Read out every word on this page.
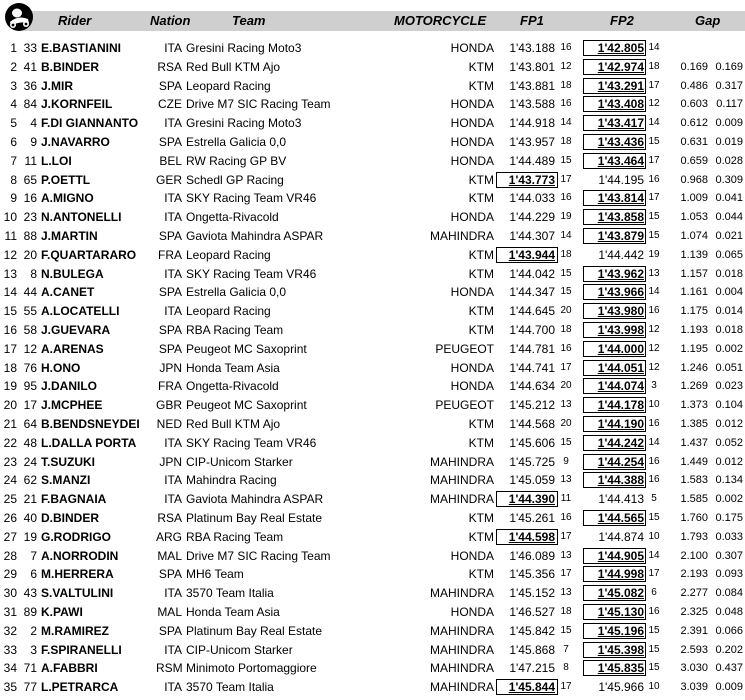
Rider	Nation	Team	MOTORCYCLE	FP1	FP2	Gap
1 33 E.BASTIANINI	ITA Gresini Racing Moto3	HONDA	1'43.188 16	1'42.805 14
2 41 B.BINDER	RSA Red Bull KTM Ajo	KTM	1'43.801 12	1'42.974 18	0.169 0.169
3 36 J.MIR	SPA Leopard Racing	KTM	1'43.881 18	1'43.291 17	0.486 0.317
4 84 J.KORNFEIL	CZE Drive M7 SIC Racing Team	HONDA	1'43.588 16	1'43.408 12	0.603 0.117
5	4 F.DI GIANNANTO	ITA Gresini Racing Moto3	HONDA	1'44.918 14	1'43.417 14	0.612 0.009
6	9 J.NAVARRO	SPA Estrella Galicia 0,0	HONDA	1'43.957 18	1'43.436 15	0.631 0.019
7 11 L.LOI	BEL RW Racing GP BV	HONDA	1'44.489 15	1'43.464 17	0.659 0.028
8 65 P.OETTL	GER Schedl GP Racing	KTM	1'43.773 17	1'44.195 16	0.968 0.309
9 16 A.MIGNO	ITA SKY Racing Team VR46	KTM	1'44.033 16	1'43.814 17	1.009 0.041
10 23 N.ANTONELLI	ITA Ongetta-Rivacold	HONDA	1'44.229 19	1'43.858 15	1.053 0.044
11 88 J.MARTIN	SPA Gaviota Mahindra ASPAR	MAHINDRA	1'44.307 14	1'43.879 15	1.074 0.021
12 20 F.QUARTARARO FRA Leopard Racing	KTM	1'43.944 18	1'44.442 19	1.139 0.065
13	8 N.BULEGA	ITA SKY Racing Team VR46	KTM	1'44.042 15	1'43.962 13	1.157 0.018
14 44 A.CANET	SPA Estrella Galicia 0,0	HONDA	1'44.347 15	1'43.966 14	1.161 0.004
15 55 A.LOCATELLI	ITA Leopard Racing	KTM	1'44.645 20	1'43.980 16	1.175 0.014
16 58 J.GUEVARA	SPA RBA Racing Team	KTM	1'44.700 18	1'43.998 12	1.193 0.018
17 12 A.ARENAS	SPA Peugeot MC Saxoprint	PEUGEOT	1'44.781 16	1'44.000 12	1.195 0.002
18 76 H.ONO	JPN Honda Team Asia	HONDA	1'44.741 17	1'44.051 12	1.246 0.051
19 95 J.DANILO	FRA Ongetta-Rivacold	HONDA	1'44.634 20	1'44.074 3	1.269 0.023
20 17 J.MCPHEE	GBR Peugeot MC Saxoprint	PEUGEOT	1'45.212 13	1'44.178 10	1.373 0.104
21 64 B.BENDSNEYDEI NED Red Bull KTM Ajo	KTM	1'44.568 20	1'44.190 16	1.385 0.012
22 48 L.DALLA PORTA	ITA SKY Racing Team VR46	KTM	1'45.606 15	1'44.242 14	1.437 0.052
23 24 T.SUZUKI	JPN CIP-Unicom Starker	MAHINDRA	1'45.725 9	1'44.254 16	1.449 0.012
24 62 S.MANZI	ITA Mahindra Racing	MAHINDRA	1'45.059 13	1'44.388 16	1.583 0.134
25 21 F.BAGNAIA	ITA Gaviota Mahindra ASPAR	MAHINDRA	1'44.390 11	1'44.413 5	1.585 0.002
26 40 D.BINDER	RSA Platinum Bay Real Estate	KTM	1'45.261 16	1'44.565 15	1.760 0.175
27 19 G.RODRIGO	ARG RBA Racing Team	KTM	1'44.598 17	1'44.874 10	1.793 0.033
28	7 A.NORRODIN	MAL Drive M7 SIC Racing Team	HONDA	1'46.089 13	1'44.905 14	2.100 0.307
29	6 M.HERRERA	SPA MH6 Team	KTM	1'45.356 17	1'44.998 17	2.193 0.093
30 43 S.VALTULINI	ITA 3570 Team Italia	MAHINDRA	1'45.152 13	1'45.082 6	2.277 0.084
31 89 K.PAWI	MAL Honda Team Asia	HONDA	1'46.527 18	1'45.130 16	2.325 0.048
32	2 M.RAMIREZ	SPA Platinum Bay Real Estate	MAHINDRA	1'45.842 15	1'45.196 15	2.391 0.066
33	3 F.SPIRANELLI	ITA CIP-Unicom Starker	MAHINDRA	1'45.868 7	1'45.398 15	2.593 0.202
34 71 A.FABBRI	RSM Minimoto Portomaggiore	MAHINDRA	1'47.215 8	1'45.835 15	3.030 0.437
35 77 L.PETRARCA	ITA 3570 Team Italia	MAHINDRA	1'45.844 17	1'45.966 10	3.039 0.009
